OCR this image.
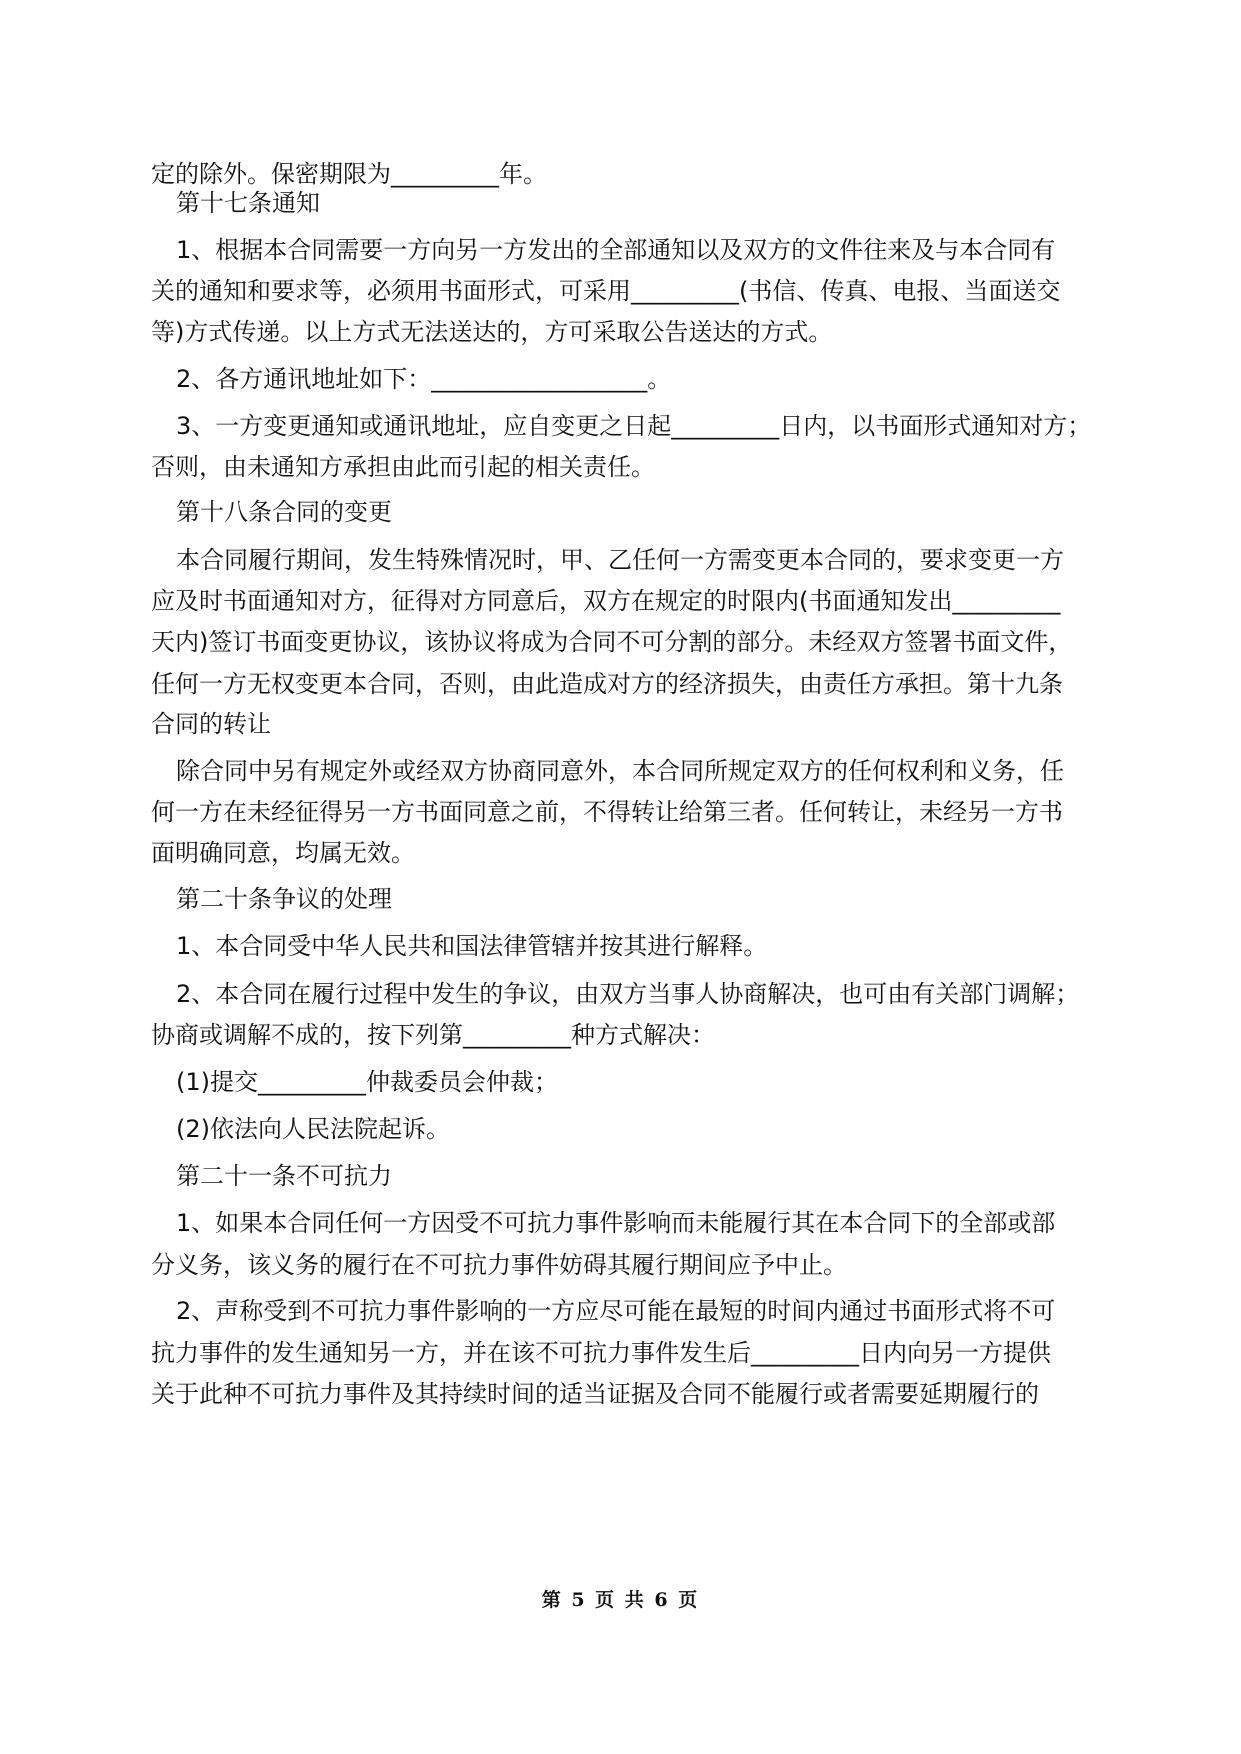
定的除外。保密期限为_________年。
第十七条通知
1、根据本合同需要一方向另一方发出的全部通知以及双方的文件往来及与本合同有
关的通知和要求等，必须用书面形式，可采用_________(书信、传真、电报、当面送交
等)方式传递。以上方式无法送达的，方可采取公告送达的方式。
2、各方通讯地址如下：__________________。
3、一方变更通知或通讯地址，应自变更之日起_________日内，以书面形式通知对方；
否则，由未通知方承担由此而引起的相关责任。
第十八条合同的变更
本合同履行期间，发生特殊情况时，甲、乙任何一方需变更本合同的，要求变更一方
应及时书面通知对方，征得对方同意后，双方在规定的时限内(书面通知发出_________
天内)签订书面变更协议，该协议将成为合同不可分割的部分。未经双方签署书面文件，
任何一方无权变更本合同，否则，由此造成对方的经济损失，由责任方承担。第十九条
合同的转让
除合同中另有规定外或经双方协商同意外，本合同所规定双方的任何权利和义务，任
何一方在未经征得另一方书面同意之前，不得转让给第三者。任何转让，未经另一方书
面明确同意，均属无效。
第二十条争议的处理
1、本合同受中华人民共和国法律管辖并按其进行解释。
2、本合同在履行过程中发生的争议，由双方当事人协商解决，也可由有关部门调解；
协商或调解不成的，按下列第_________种方式解决：
(1)提交_________仲裁委员会仲裁；
(2)依法向人民法院起诉。
第二十一条不可抗力
1、如果本合同任何一方因受不可抗力事件影响而未能履行其在本合同下的全部或部
分义务，该义务的履行在不可抗力事件妨碍其履行期间应予中止。
2、声称受到不可抗力事件影响的一方应尽可能在最短的时间内通过书面形式将不可
抗力事件的发生通知另一方，并在该不可抗力事件发生后_________日内向另一方提供
关于此种不可抗力事件及其持续时间的适当证据及合同不能履行或者需要延期履行的
第 5 页 共 6 页
